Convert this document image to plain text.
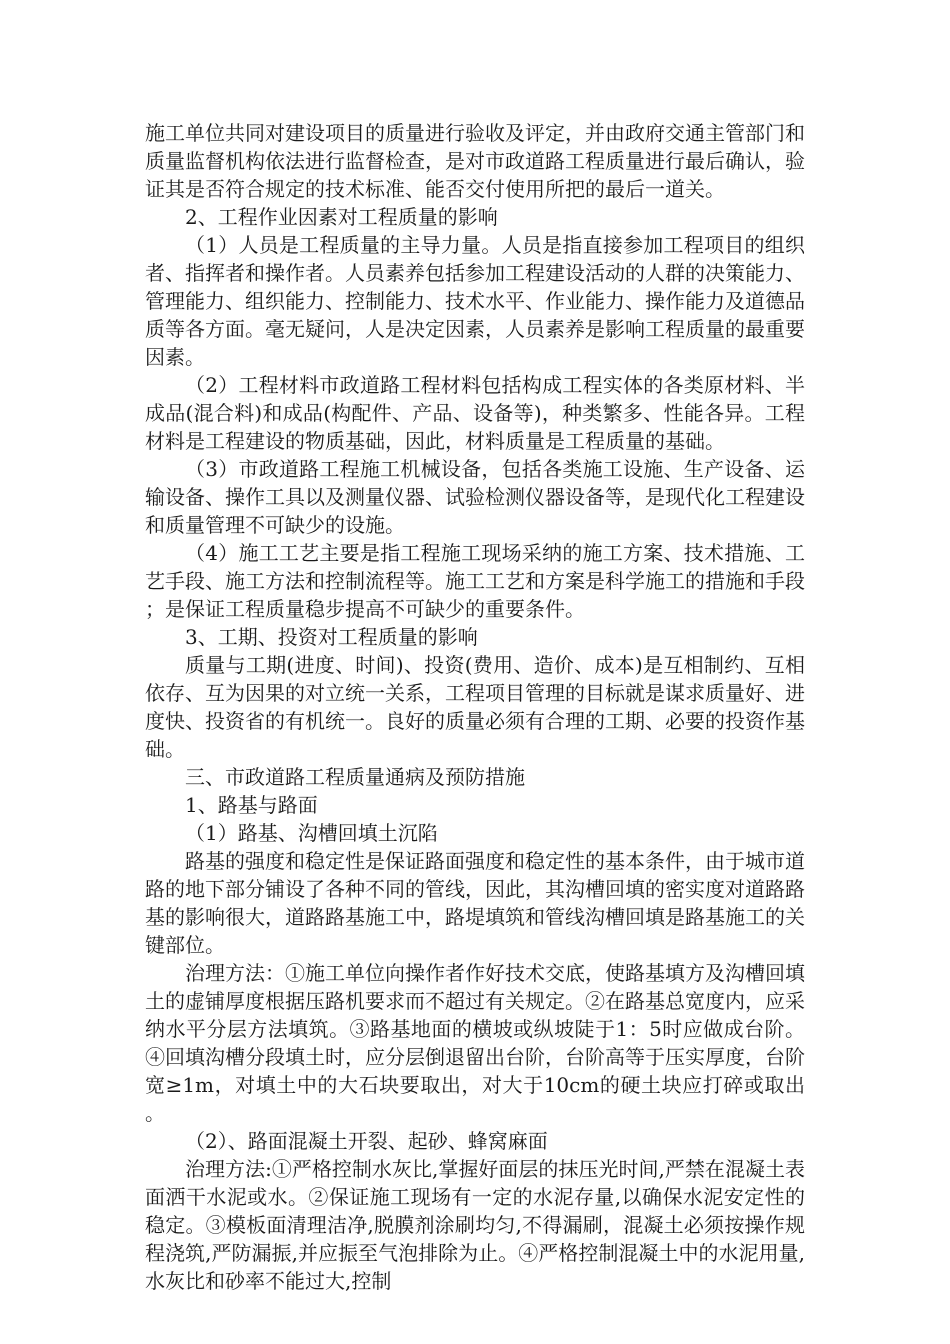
施工单位共同对建设项目的质量进行验收及评定，并由政府交通主管部门和质量监督机构依法进行监督检查，是对市政道路工程质量进行最后确认，验证其是否符合规定的技术标准、能否交付使用所把的最后一道关。

2、工程作业因素对工程质量的影响

（1）人员是工程质量的主导力量。人员是指直接参加工程项目的组织者、指挥者和操作者。人员素养包括参加工程建设活动的人群的决策能力、管理能力、组织能力、控制能力、技术水平、作业能力、操作能力及道德品质等各方面。毫无疑问，人是决定因素，人员素养是影响工程质量的最重要因素。

（2）工程材料市政道路工程材料包括构成工程实体的各类原材料、半成品(混合料)和成品(构配件、产品、设备等)，种类繁多、性能各异。工程材料是工程建设的物质基础，因此，材料质量是工程质量的基础。

（3）市政道路工程施工机械设备，包括各类施工设施、生产设备、运输设备、操作工具以及测量仪器、试验检测仪器设备等，是现代化工程建设和质量管理不可缺少的设施。

（4）施工工艺主要是指工程施工现场采纳的施工方案、技术措施、工艺手段、施工方法和控制流程等。施工工艺和方案是科学施工的措施和手段；是保证工程质量稳步提高不可缺少的重要条件。

3、工期、投资对工程质量的影响

质量与工期(进度、时间)、投资(费用、造价、成本)是互相制约、互相依存、互为因果的对立统一关系，工程项目管理的目标就是谋求质量好、进度快、投资省的有机统一。良好的质量必须有合理的工期、必要的投资作基础。

三、市政道路工程质量通病及预防措施

1、路基与路面

（1）路基、沟槽回填土沉陷

路基的强度和稳定性是保证路面强度和稳定性的基本条件，由于城市道路的地下部分铺设了各种不同的管线，因此，其沟槽回填的密实度对道路路基的影响很大，道路路基施工中，路堤填筑和管线沟槽回填是路基施工的关键部位。

治理方法：①施工单位向操作者作好技术交底，使路基填方及沟槽回填土的虚铺厚度根据压路机要求而不超过有关规定。②在路基总宽度内，应采纳水平分层方法填筑。③路基地面的横坡或纵坡陡于1：5时应做成台阶。④回填沟槽分段填土时，应分层倒退留出台阶，台阶高等于压实厚度，台阶宽≥1m，对填土中的大石块要取出，对大于10cm的硬土块应打碎或取出。

（2）、路面混凝土开裂、起砂、蜂窝麻面

治理方法:①严格控制水灰比,掌握好面层的抹压光时间,严禁在混凝土表面洒干水泥或水。②保证施工现场有一定的水泥存量,以确保水泥安定性的稳定。③模板面清理洁净,脱膜剂涂刷均匀,不得漏刷，混凝土必须按操作规程浇筑,严防漏振,并应振至气泡排除为止。④严格控制混凝土中的水泥用量,水灰比和砂率不能过大,控制
